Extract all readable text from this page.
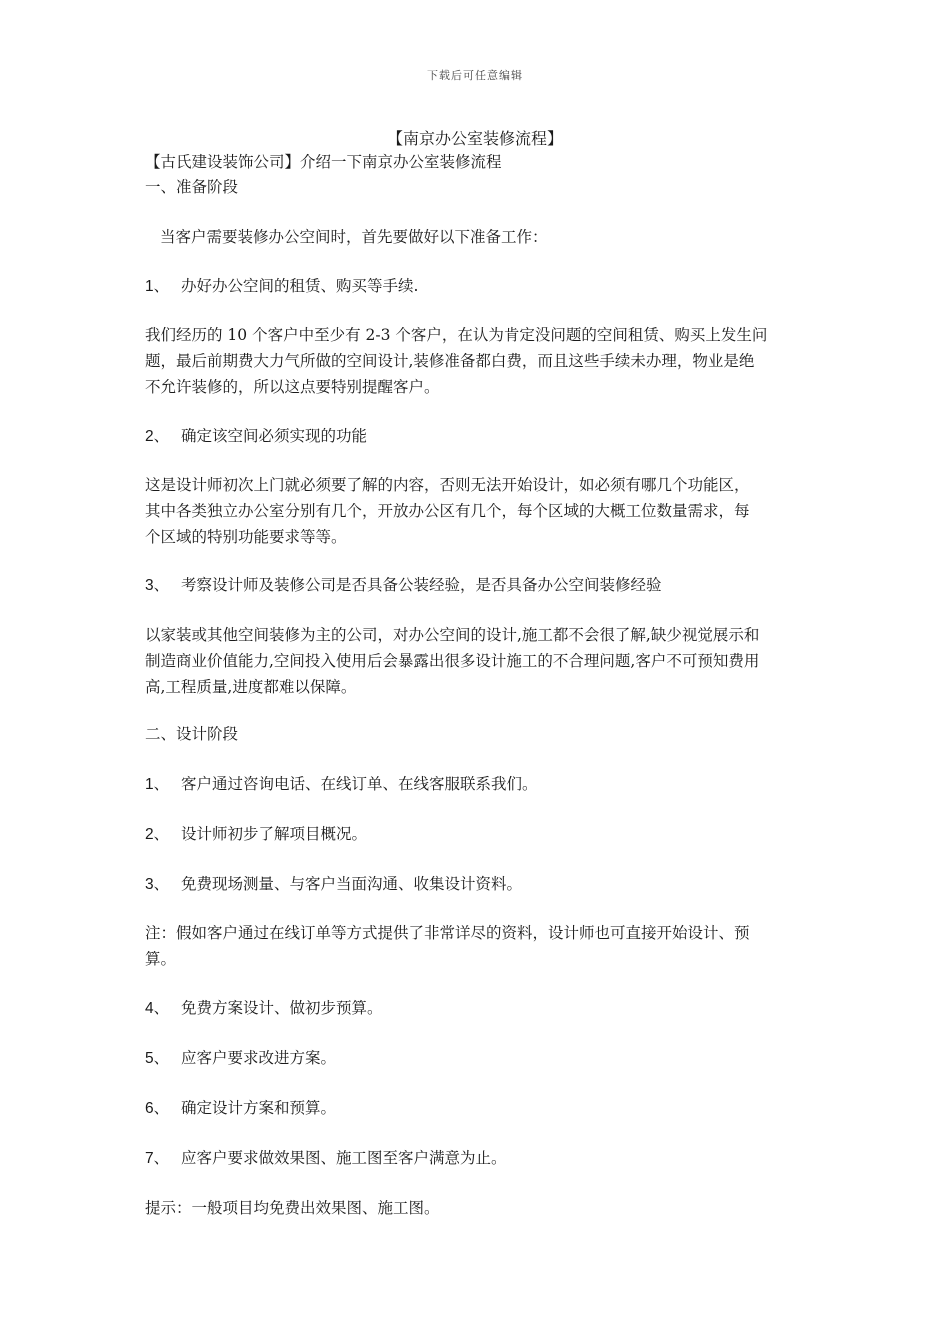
下载后可任意编辑
【南京办公室装修流程】
【古氏建设装饰公司】介绍一下南京办公室装修流程
一、准备阶段
当客户需要装修办公空间时，首先要做好以下准备工作：
1、 办好办公空间的租赁、购买等手续.
我们经历的 10 个客户中至少有 2-3 个客户，在认为肯定没问题的空间租赁、购买上发生问
题，最后前期费大力气所做的空间设计,装修准备都白费，而且这些手续未办理，物业是绝
不允许装修的，所以这点要特别提醒客户。
2、 确定该空间必须实现的功能
这是设计师初次上门就必须要了解的内容，否则无法开始设计，如必须有哪几个功能区，
其中各类独立办公室分别有几个，开放办公区有几个，每个区域的大概工位数量需求，每
个区域的特别功能要求等等。
3、 考察设计师及装修公司是否具备公装经验，是否具备办公空间装修经验
以家装或其他空间装修为主的公司，对办公空间的设计,施工都不会很了解,缺少视觉展示和
制造商业价值能力,空间投入使用后会暴露出很多设计施工的不合理问题,客户不可预知费用
高,工程质量,进度都难以保障。
二、设计阶段
1、 客户通过咨询电话、在线订单、在线客服联系我们。
2、 设计师初步了解项目概况。
3、 免费现场测量、与客户当面沟通、收集设计资料。
注：假如客户通过在线订单等方式提供了非常详尽的资料，设计师也可直接开始设计、预
算。
4、 免费方案设计、做初步预算。
5、 应客户要求改进方案。
6、 确定设计方案和预算。
7、 应客户要求做效果图、施工图至客户满意为止。
提示：一般项目均免费出效果图、施工图。
